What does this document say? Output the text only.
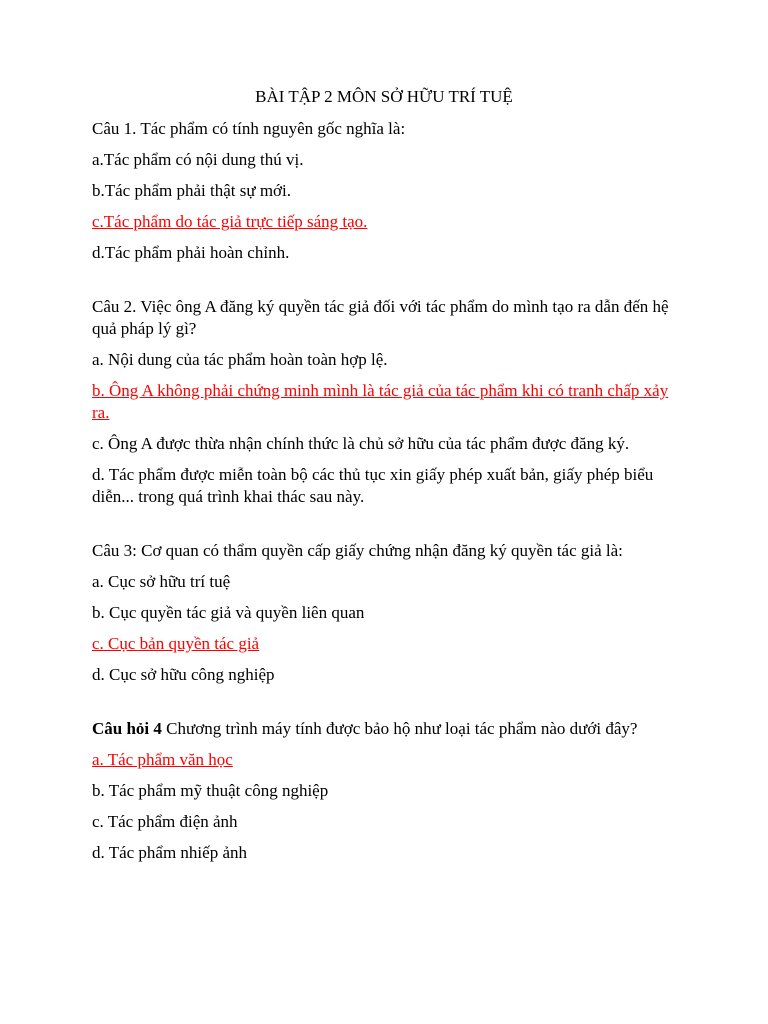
BÀI TẬP 2 MÔN SỞ HỮU TRÍ TUỆ

Câu 1. Tác phẩm có tính nguyên gốc nghĩa là:

a.Tác phẩm có nội dung thú vị.

b.Tác phẩm phải thật sự mới.

c.Tác phẩm do tác giả trực tiếp sáng tạo.

d.Tác phẩm phải hoàn chỉnh.

Câu 2. Việc ông A đăng ký quyền tác giả đối với tác phẩm do mình tạo ra dẫn đến hệ quả pháp lý gì?

a. Nội dung của tác phẩm hoàn toàn hợp lệ.

b. Ông A không phải chứng minh mình là tác giả của tác phẩm khi có tranh chấp xảy ra.

c. Ông A được thừa nhận chính thức là chủ sở hữu của tác phẩm được đăng ký.

d. Tác phẩm được miễn toàn bộ các thủ tục xin giấy phép xuất bản, giấy phép biểu diễn... trong quá trình khai thác sau này.

Câu 3: Cơ quan có thẩm quyền cấp giấy chứng nhận đăng ký quyền tác giả là:

a. Cục sở hữu trí tuệ

b. Cục quyền tác giả và quyền liên quan

c. Cục bản quyền tác giả

d. Cục sở hữu công nghiệp

Câu hỏi 4 Chương trình máy tính được bảo hộ như loại tác phẩm nào dưới đây?

a. Tác phẩm văn học

b. Tác phẩm mỹ thuật công nghiệp

c. Tác phẩm điện ảnh

d. Tác phẩm nhiếp ảnh
